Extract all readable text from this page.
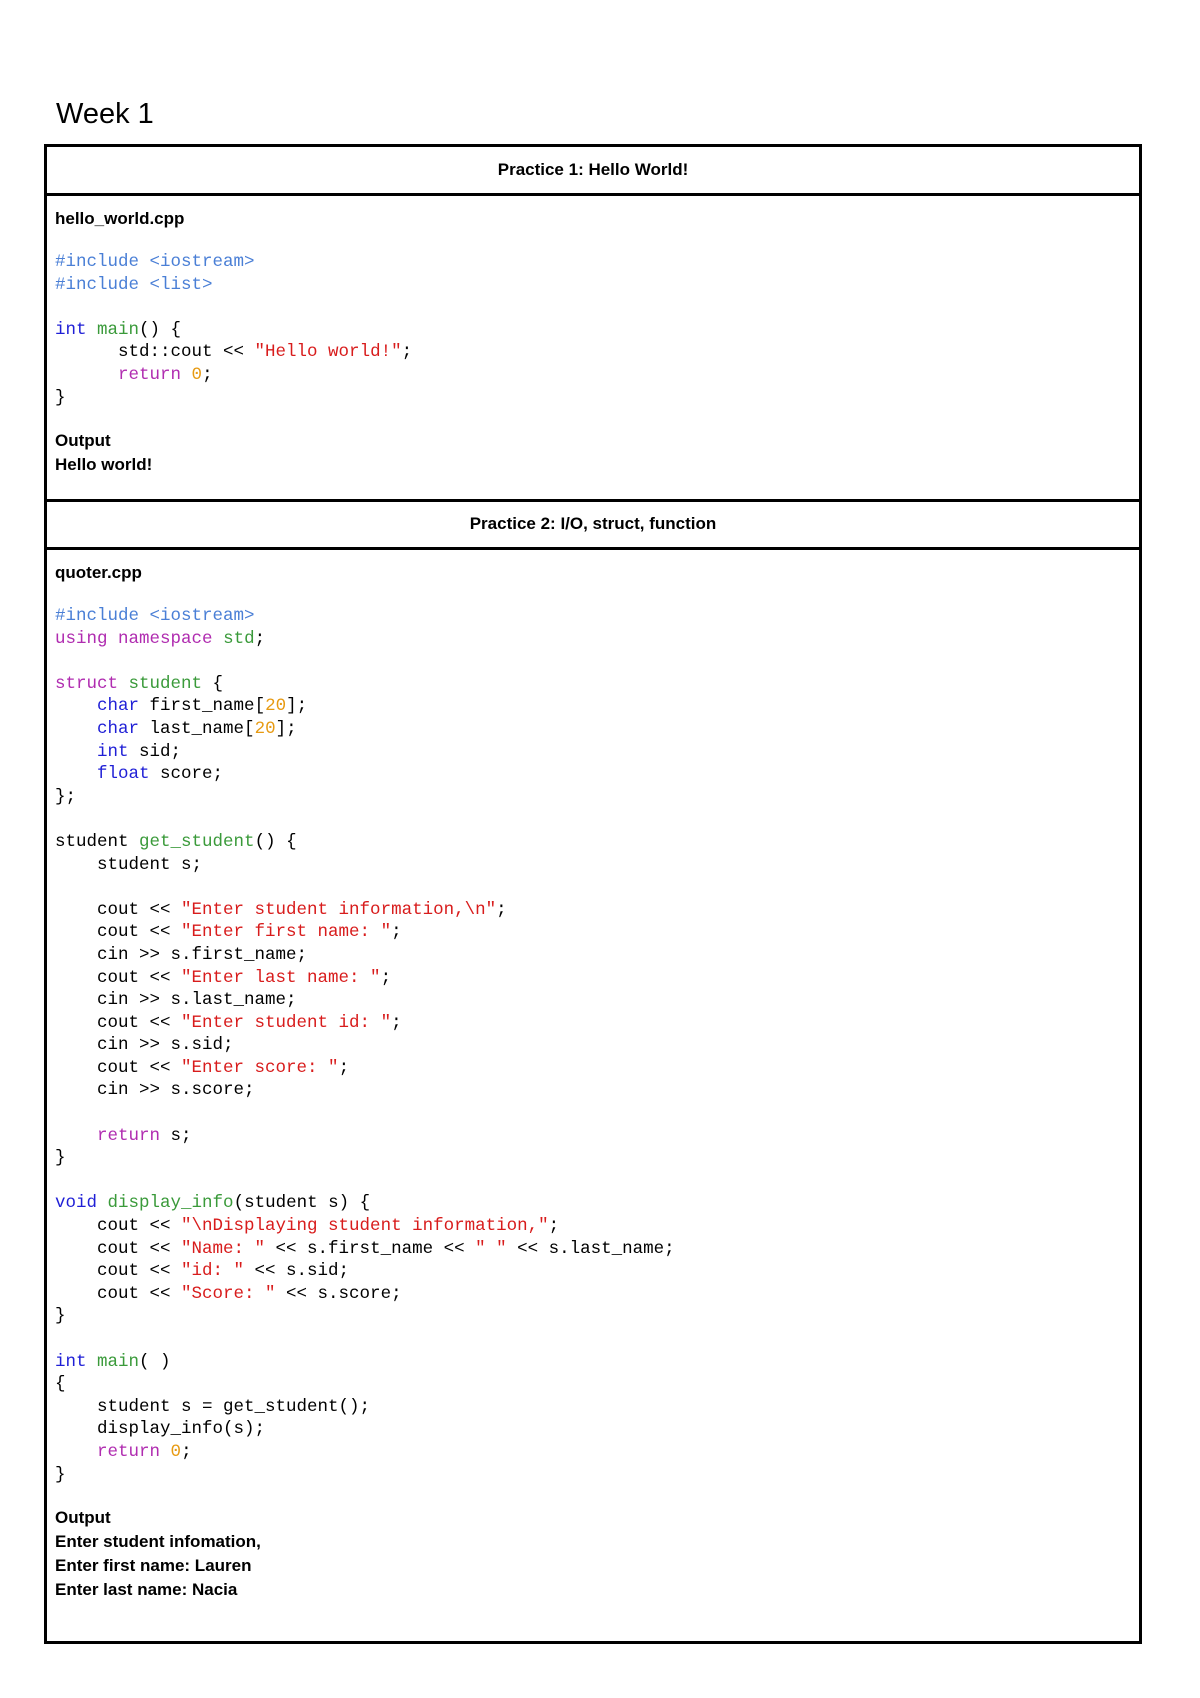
Week 1
Practice 1: Hello World!
hello_world.cpp
#include <iostream>
#include <list>

int main() {
std::cout << "Hello world!";
return 0;
}
Output
Hello world!
Practice 2: I/O, struct, function
quoter.cpp
#include <iostream>
using namespace std;

struct student {
char first_name[20];
char last_name[20];
int sid;
float score;
};

student get_student() {
student s;

cout << "Enter student information,\n";
cout << "Enter first name: ";
cin >> s.first_name;
cout << "Enter last name: ";
cin >> s.last_name;
cout << "Enter student id: ";
cin >> s.sid;
cout << "Enter score: ";
cin >> s.score;

return s;
}

void display_info(student s) {
cout << "\nDisplaying student information,";
cout << "Name: " << s.first_name << " " << s.last_name;
cout << "id: " << s.sid;
cout << "Score: " << s.score;
}

int main( )
{
student s = get_student();
display_info(s);
return 0;
}
Output
Enter student infomation,
Enter first name: Lauren
Enter last name: Nacia
